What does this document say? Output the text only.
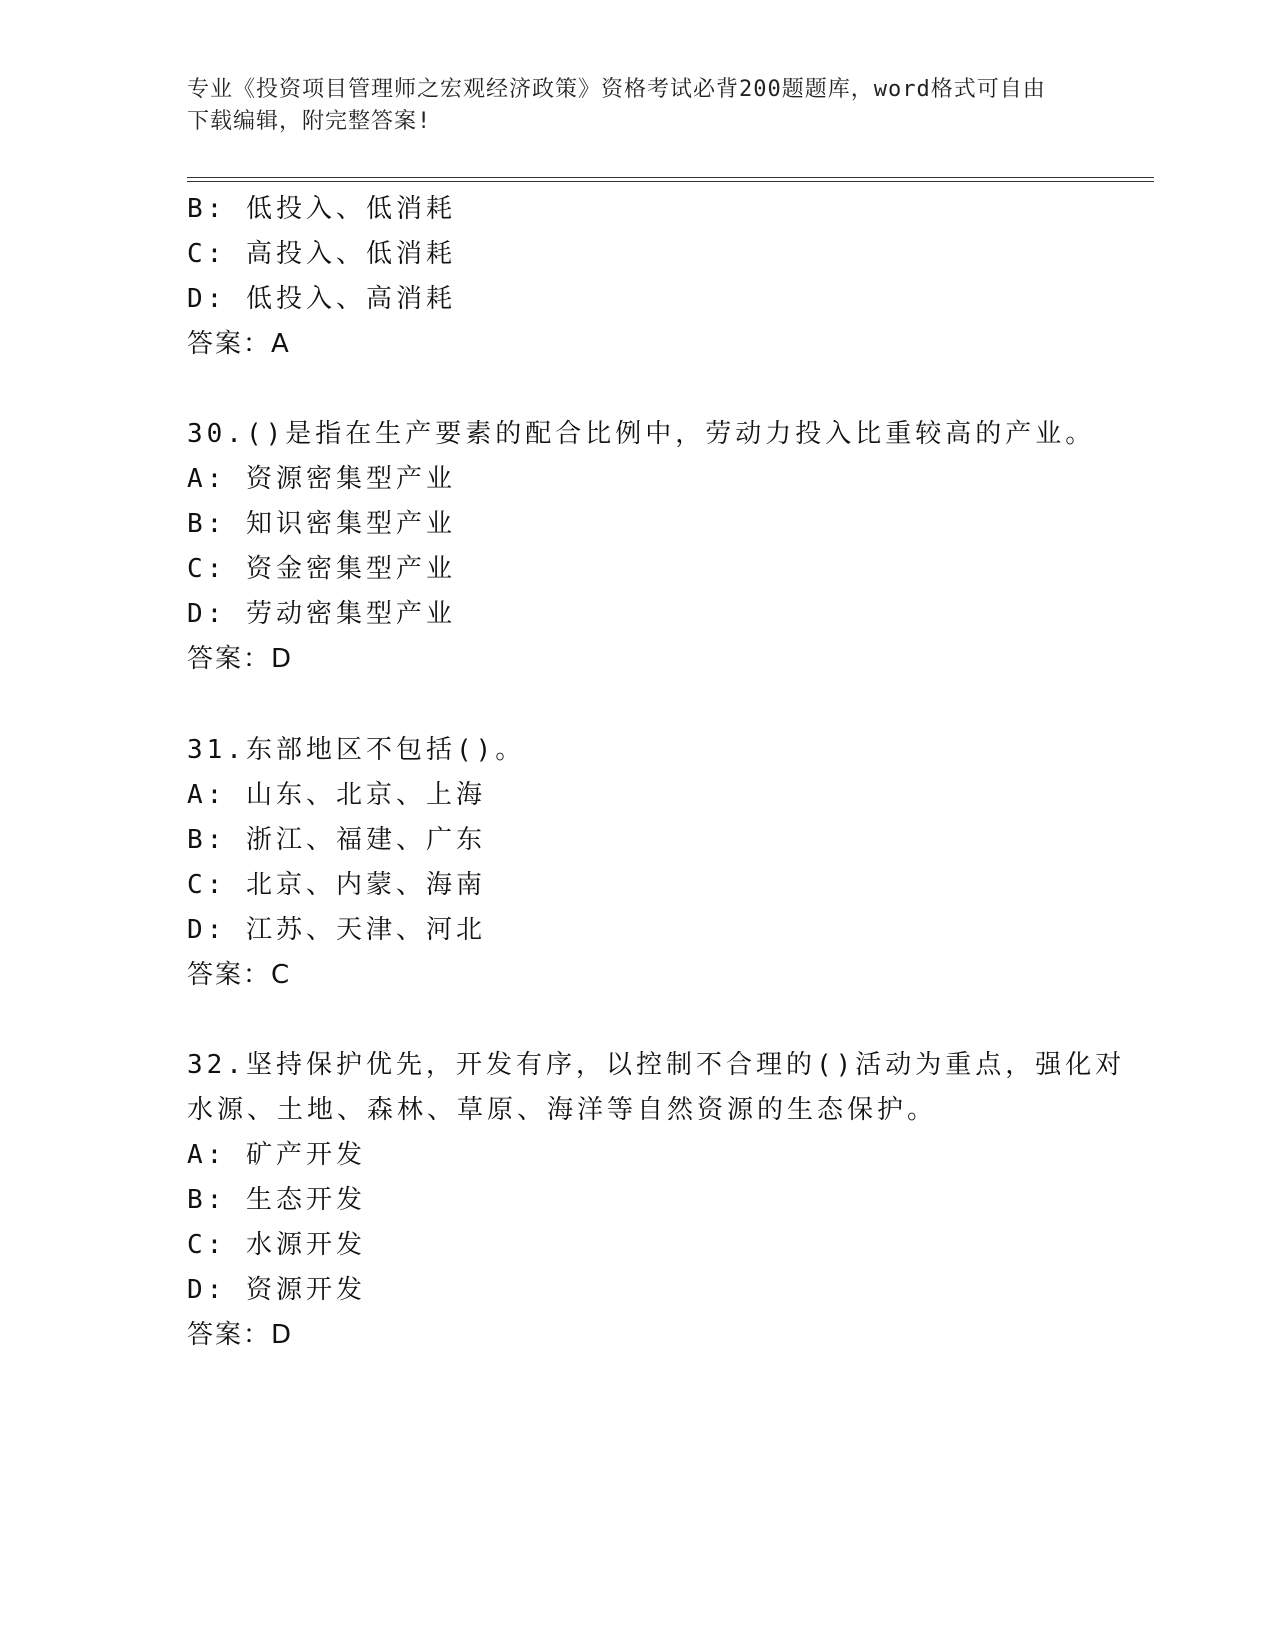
专业《投资项目管理师之宏观经济政策》资格考试必背200题题库，word格式可自由下载编辑，附完整答案!
B: 低投入、低消耗
C: 高投入、低消耗
D: 低投入、高消耗
答案：A
30.()是指在生产要素的配合比例中，劳动力投入比重较高的产业。
A: 资源密集型产业
B: 知识密集型产业
C: 资金密集型产业
D: 劳动密集型产业
答案：D
31.东部地区不包括()。
A: 山东、北京、上海
B: 浙江、福建、广东
C: 北京、内蒙、海南
D: 江苏、天津、河北
答案：C
32.坚持保护优先，开发有序，以控制不合理的()活动为重点，强化对
水源、土地、森林、草原、海洋等自然资源的生态保护。
A: 矿产开发
B: 生态开发
C: 水源开发
D: 资源开发
答案：D
